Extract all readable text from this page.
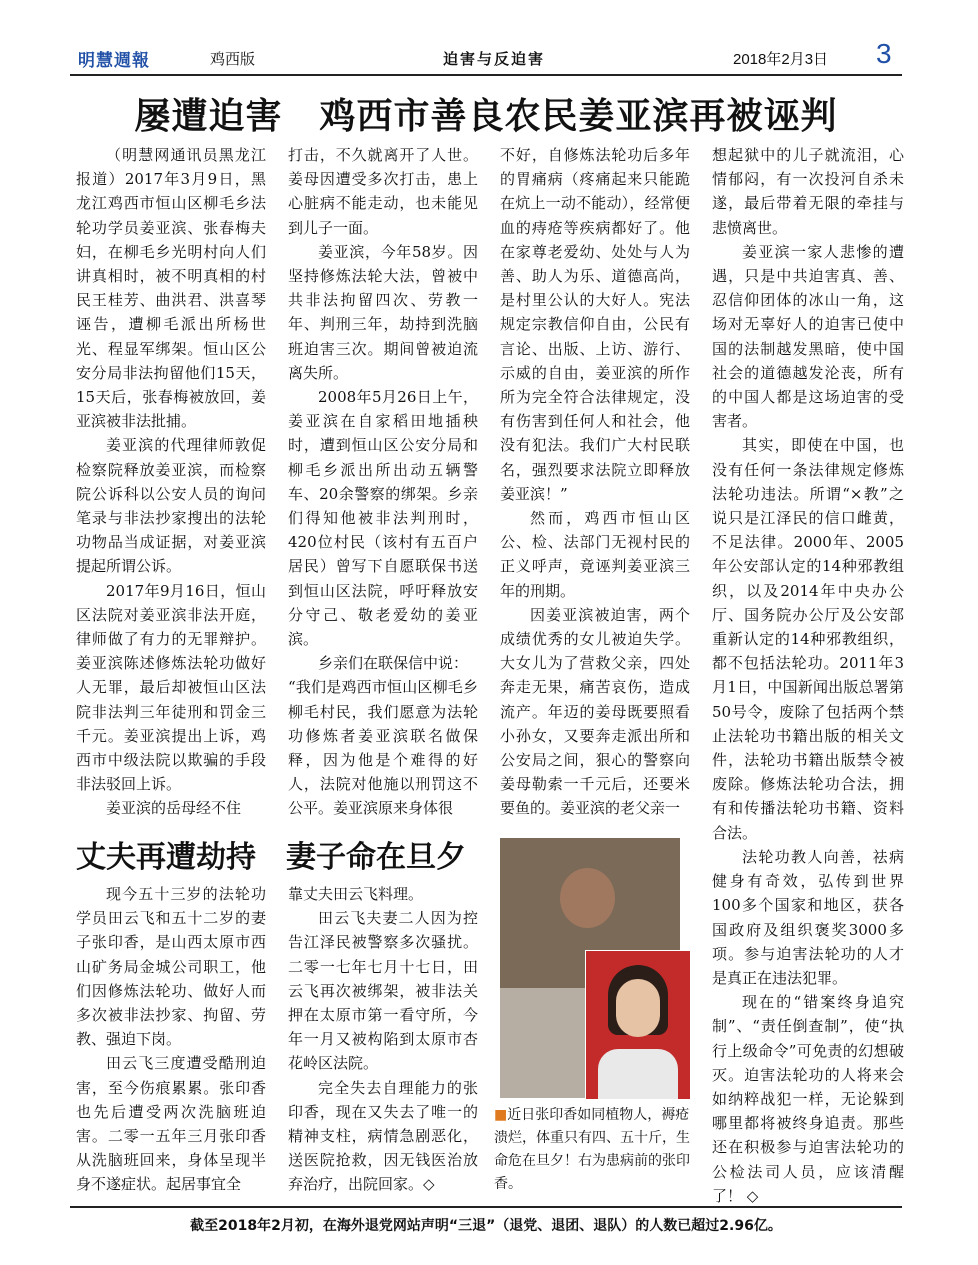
明慧週報	鸡西版	迫害与反迫害	2018年2月3日 3
屡遭迫害　鸡西市善良农民姜亚滨再被诬判

（明慧网通讯员黑龙江报道）2017年3月9日，黑龙江鸡西市恒山区柳毛乡法轮功学员姜亚滨、张春梅夫妇，在柳毛乡光明村向人们讲真相时，被不明真相的村民王桂芳、曲洪君、洪喜琴诬告，遭柳毛派出所杨世光、程显军绑架。恒山区公安分局非法拘留他们15天，15天后，张春梅被放回，姜亚滨被非法批捕。

姜亚滨的代理律师敦促检察院释放姜亚滨，而检察院公诉科以公安人员的询问笔录与非法抄家搜出的法轮功物品当成证据，对姜亚滨提起所谓公诉。

2017年9月16日，恒山区法院对姜亚滨非法开庭，律师做了有力的无罪辩护。姜亚滨陈述修炼法轮功做好人无罪，最后却被恒山区法院非法判三年徒刑和罚金三千元。姜亚滨提出上诉，鸡西市中级法院以欺骗的手段非法驳回上诉。

姜亚滨的岳母经不住

打击，不久就离开了人世。姜母因遭受多次打击，患上心脏病不能走动，也未能见到儿子一面。

姜亚滨，今年58岁。因坚持修炼法轮大法，曾被中共非法拘留四次、劳教一年、判刑三年，劫持到洗脑班迫害三次。期间曾被迫流离失所。

2008年5月26日上午，姜亚滨在自家稻田地插秧时，遭到恒山区公安分局和柳毛乡派出所出动五辆警车、20余警察的绑架。乡亲们得知他被非法判刑时，420位村民（该村有五百户居民）曾写下自愿联保书送到恒山区法院，呼吁释放安分守己、敬老爱幼的姜亚滨。

乡亲们在联保信中说：

“我们是鸡西市恒山区柳毛乡柳毛村民，我们愿意为法轮功修炼者姜亚滨联名做保释，因为他是个难得的好人，法院对他施以刑罚这不公平。姜亚滨原来身体很

不好，自修炼法轮功后多年的胃痛病（疼痛起来只能跪在炕上一动不能动），经常便血的痔疮等疾病都好了。他在家尊老爱幼、处处与人为善、助人为乐、道德高尚，是村里公认的大好人。宪法规定宗教信仰自由，公民有言论、出版、上访、游行、示威的自由，姜亚滨的所作所为完全符合法律规定，没有伤害到任何人和社会，他没有犯法。我们广大村民联名，强烈要求法院立即释放姜亚滨！”

然而，鸡西市恒山区公、检、法部门无视村民的正义呼声，竟诬判姜亚滨三年的刑期。

因姜亚滨被迫害，两个成绩优秀的女儿被迫失学。大女儿为了营救父亲，四处奔走无果，痛苦哀伤，造成流产。年迈的姜母既要照看小孙女，又要奔走派出所和公安局之间，狠心的警察向姜母勒索一千元后，还要米要鱼的。姜亚滨的老父亲一

想起狱中的儿子就流泪，心情郁闷，有一次投河自杀未遂，最后带着无限的牵挂与悲愤离世。

姜亚滨一家人悲惨的遭遇，只是中共迫害真、善、忍信仰团体的冰山一角，这场对无辜好人的迫害已使中国的法制越发黑暗，使中国社会的道德越发沦丧，所有的中国人都是这场迫害的受害者。

其实，即使在中国，也没有任何一条法律规定修炼法轮功违法。所谓“×教”之说只是江泽民的信口雌黄，不足法律。2000年、2005年公安部认定的14种邪教组织，以及2014年中央办公厅、国务院办公厅及公安部重新认定的14种邪教组织，都不包括法轮功。2011年3月1日，中国新闻出版总署第50号令，废除了包括两个禁止法轮功书籍出版的相关文件，法轮功书籍出版禁令被废除。修炼法轮功合法，拥有和传播法轮功书籍、资料合法。

法轮功教人向善，祛病健身有奇效，弘传到世界100多个国家和地区，获各国政府及组织褒奖3000多项。参与迫害法轮功的人才是真正在违法犯罪。

现在的“错案终身追究制”、“责任倒查制”，使“执行上级命令”可免责的幻想破灭。迫害法轮功的人将来会如纳粹战犯一样，无论躲到哪里都将被终身追责。那些还在积极参与迫害法轮功的公检法司人员，应该清醒了！ ◇

丈夫再遭劫持　妻子命在旦夕

现今五十三岁的法轮功学员田云飞和五十二岁的妻子张印香，是山西太原市西山矿务局金城公司职工，他们因修炼法轮功、做好人而多次被非法抄家、拘留、劳教、强迫下岗。

田云飞三度遭受酷刑迫害，至今伤痕累累。张印香也先后遭受两次洗脑班迫害。二零一五年三月张印香从洗脑班回来，身体呈现半身不遂症状。起居事宜全

靠丈夫田云飞料理。

田云飞夫妻二人因为控告江泽民被警察多次骚扰。二零一七年七月十七日，田云飞再次被绑架，被非法关押在太原市第一看守所，今年一月又被构陷到太原市杏花岭区法院。

完全失去自理能力的张印香，现在又失去了唯一的精神支柱，病情急剧恶化，送医院抢救，因无钱医治放弃治疗，出院回家。◇

■近日张印香如同植物人，褥疮溃烂，体重只有四、五十斤，生命危在旦夕！右为患病前的张印香。
截至2018年2月初，在海外退党网站声明“三退”（退党、退团、退队）的人数已超过2.96亿。
